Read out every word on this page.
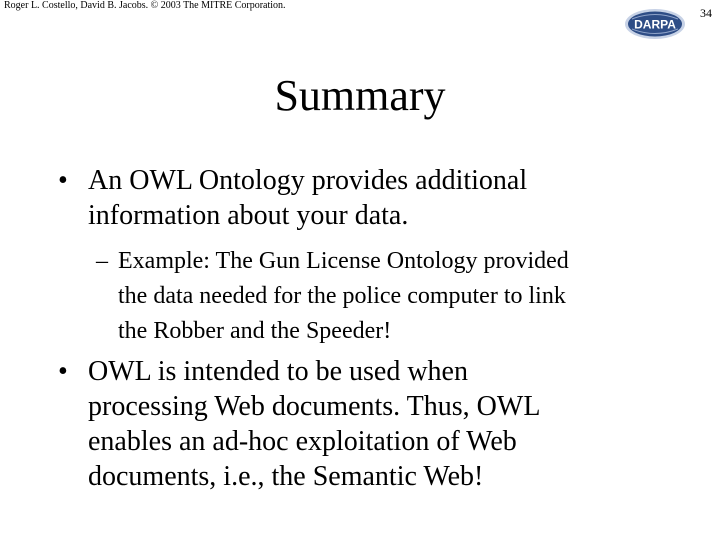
Roger L. Costello, David B. Jacobs. © 2003 The MITRE Corporation.
DARPA
34
Summary
• An OWL Ontology provides additional
information about your data.
– Example: The Gun License Ontology provided
the data needed for the police computer to link
the Robber and the Speeder!
• OWL is intended to be used when
processing Web documents. Thus, OWL
enables an ad-hoc exploitation of Web
documents, i.e., the Semantic Web!
